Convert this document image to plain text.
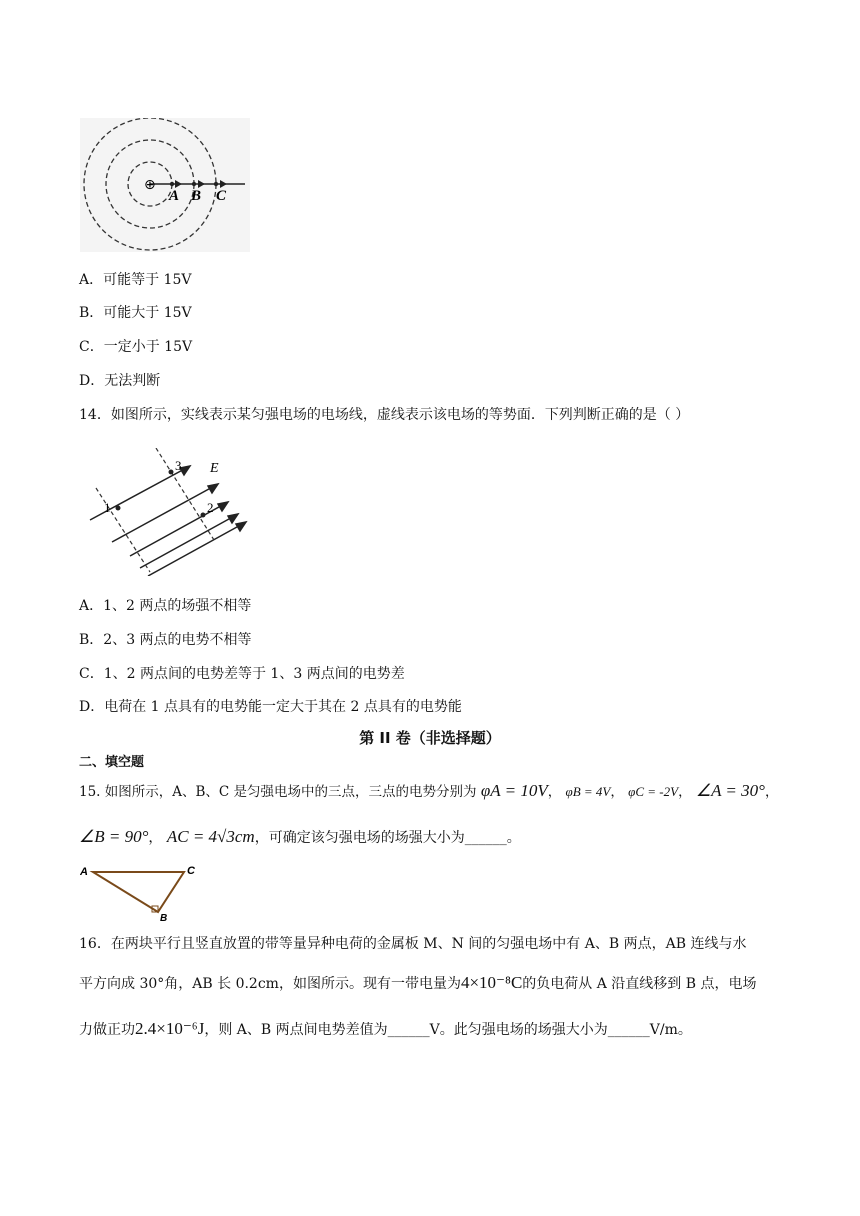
⊕
A B C
A．可能等于 15V
B．可能大于 15V
C．一定小于 15V
D．无法判断
14．如图所示，实线表示某匀强电场的电场线，虚线表示该电场的等势面．下列判断正确的是（ ）
1	2
3 E
A．1、2 两点的场强不相等
B．2、3 两点的电势不相等
C．1、2 两点间的电势差等于 1、3 两点间的电势差
D．电荷在 1 点具有的电势能一定大于其在 2 点具有的电势能
第 II 卷（非选择题）
二、填空题
15. 如图所示，A、B、C 是匀强电场中的三点，三点的电势分别为 φA = 10V， φB = 4V， φC = -2V， ∠A = 30°，
∠B = 90°， AC = 4√3cm，可确定该匀强电场的场强大小为______。
A	C
B
16．在两块平行且竖直放置的带等量异种电荷的金属板 M、N 间的匀强电场中有 A、B 两点，AB 连线与水
平方向成 30°角，AB 长 0.2cm，如图所示。现有一带电量为4×10⁻⁸C的负电荷从 A 沿直线移到 B 点，电场
力做正功2.4×10⁻⁶J，则 A、B 两点间电势差值为______V。此匀强电场的场强大小为______V/m。
